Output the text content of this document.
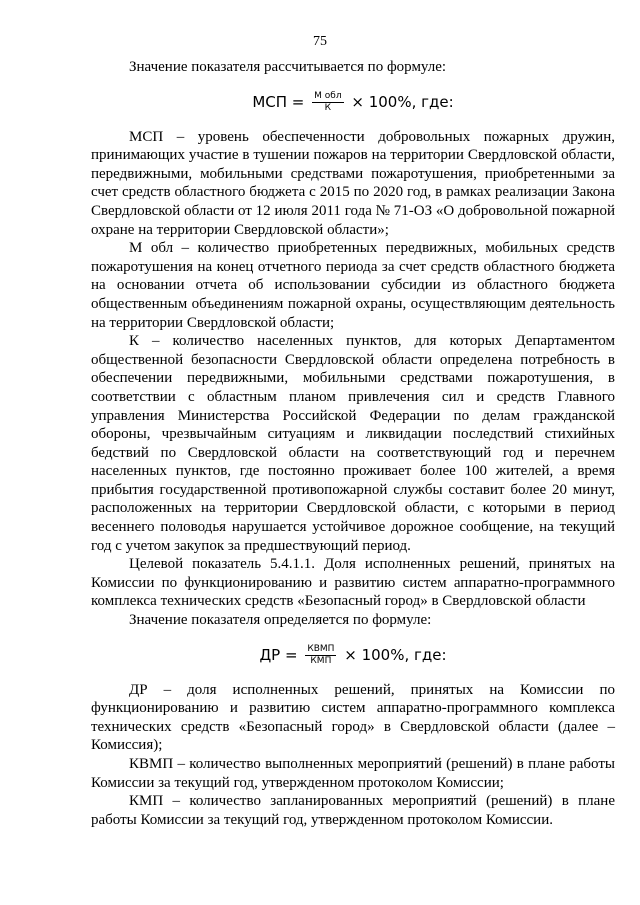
75

Значение показателя рассчитывается по формуле:

МСП = $\frac{\text{М обл}}{К} \times 100\%$, где:

МСП – уровень обеспеченности добровольных пожарных дружин, принимающих участие в тушении пожаров на территории Свердловской области, передвижными, мобильными средствами пожаротушения, приобретенными за счет средств областного бюджета с 2015 по 2020 год, в рамках реализации Закона Свердловской области от 12 июля 2011 года № 71-ОЗ «О добровольной пожарной охране на территории Свердловской области»;

М обл – количество приобретенных передвижных, мобильных средств пожаротушения на конец отчетного периода за счет средств областного бюджета на основании отчета об использовании субсидии из областного бюджета общественным объединениям пожарной охраны, осуществляющим деятельность на территории Свердловской области;

К – количество населенных пунктов, для которых Департаментом общественной безопасности Свердловской области определена потребность в обеспечении передвижными, мобильными средствами пожаротушения, в соответствии с областным планом привлечения сил и средств Главного управления Министерства Российской Федерации по делам гражданской обороны, чрезвычайным ситуациям и ликвидации последствий стихийных бедствий по Свердловской области на соответствующий год и перечнем населенных пунктов, где постоянно проживает более 100 жителей, а время прибытия государственной противопожарной службы составит более 20 минут, расположенных на территории Свердловской области, с которыми в период весеннего половодья нарушается устойчивое дорожное сообщение, на текущий год с учетом закупок за предшествующий период.

Целевой показатель 5.4.1.1. Доля исполненных решений, принятых на Комиссии по функционированию и развитию систем аппаратно-программного комплекса технических средств «Безопасный город» в Свердловской области

Значение показателя определяется по формуле:

ДР = $\frac{\text{КВМП}}{\text{КМП}} \times 100\%$, где:

ДР – доля исполненных решений, принятых на Комиссии по функционированию и развитию систем аппаратно-программного комплекса технических средств «Безопасный город» в Свердловской области (далее – Комиссия);

КВМП – количество выполненных мероприятий (решений) в плане работы Комиссии за текущий год, утвержденном протоколом Комиссии;

КМП – количество запланированных мероприятий (решений) в плане работы Комиссии за текущий год, утвержденном протоколом Комиссии.
